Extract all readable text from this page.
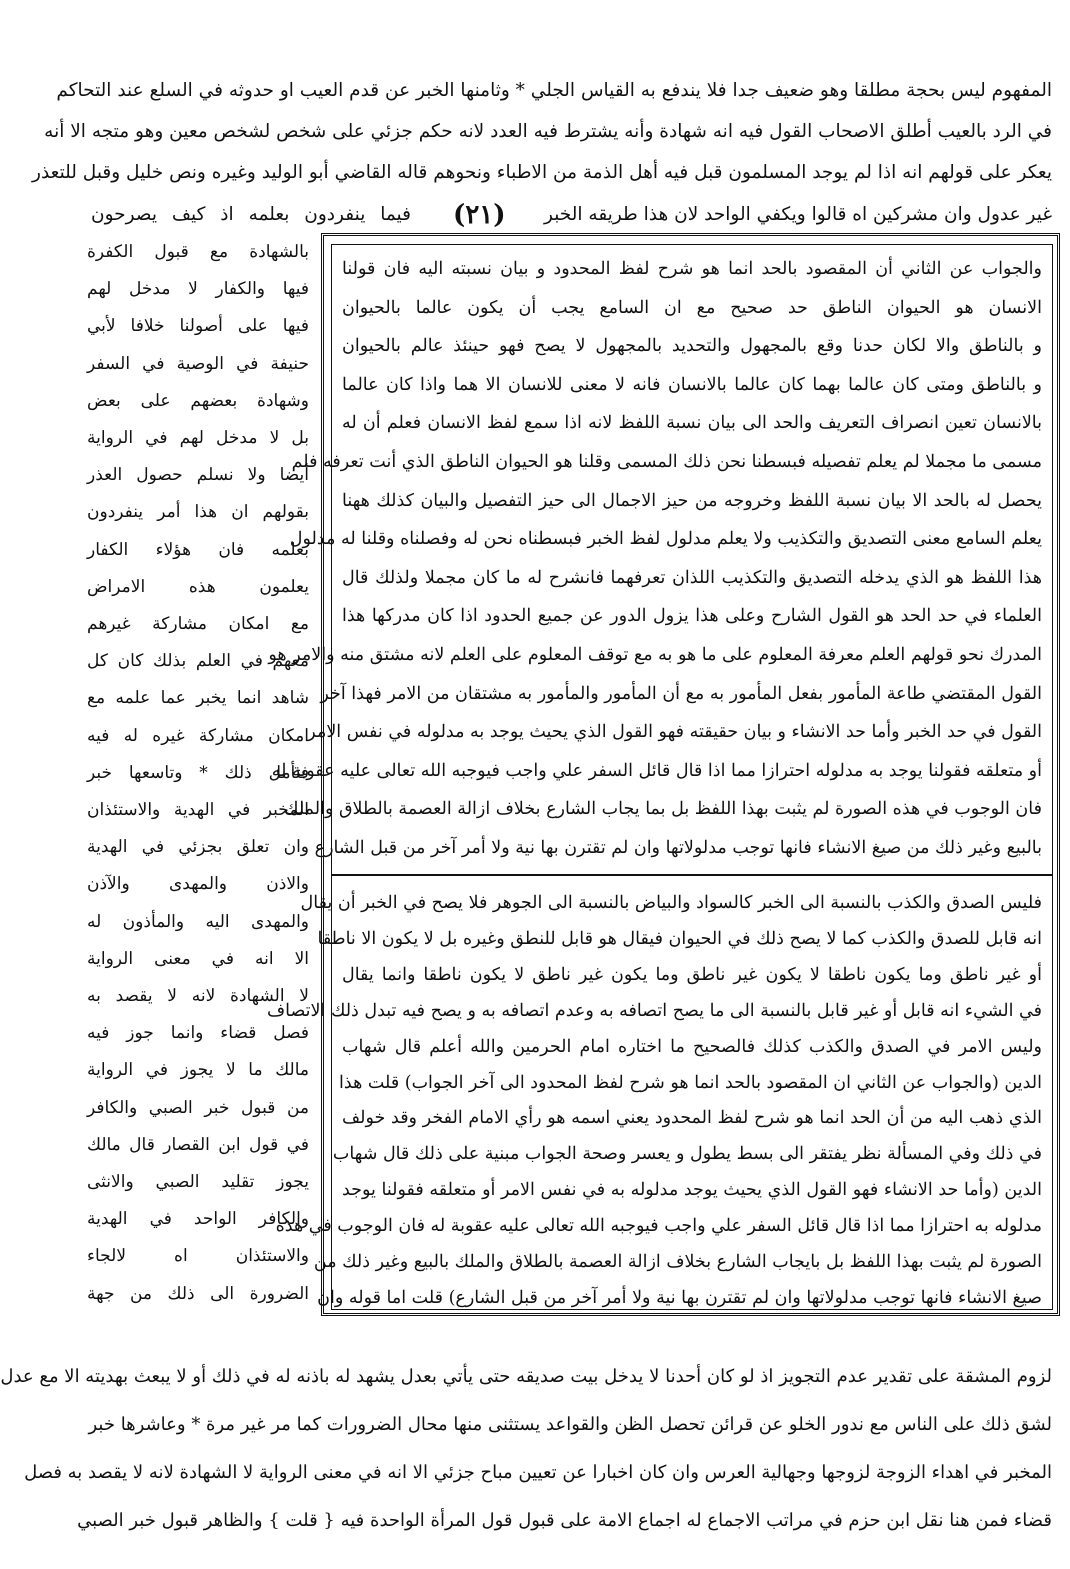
المفهوم ليس بحجة مطلقا وهو ضعيف جدا فلا يندفع به القياس الجلي * وثامنها الخبر عن قدم العيب او حدوثه في السلع عند التحاكم
في الرد بالعيب أطلق الاصحاب القول فيه انه شهادة وأنه يشترط فيه العدد لانه حكم جزئي على شخص لشخص معين وهو متجه الا أنه
يعكر على قولهم انه اذا لم يوجد المسلمون قبل فيه أهل الذمة من الاطباء ونحوهم قاله القاضي أبو الوليد وغيره ونص خليل وقبل للتعذر
غير عدول وان مشركين اه قالوا ويكفي الواحد لان هذا طريقه الخبر
(٢١)
فيما ينفردون بعلمه اذ كيف يصرحون
بالشهادة مع قبول الكفرة
فيها والكفار لا مدخل لهم
فيها على أصولنا خلافا لأبي
حنيفة في الوصية في السفر
وشهادة بعضهم على بعض
بل لا مدخل لهم في الرواية
أيضا ولا نسلم حصول العذر
بقولهم ان هذا أمر ينفردون
بعلمه فان هؤلاء الكفار
يعلمون هذه الامراض
مع امكان مشاركة غيرهم
معهم في العلم بذلك كان كل
شاهد انما يخبر عما علمه مع
امكان مشاركة غيره له فيه
فتأمل ذلك * وتاسعها خبر
المخبر في الهدية والاستئذان
وان تعلق بجزئي في الهدية
والاذن والمهدى والآذن
والمهدى اليه والمأذون له
الا انه في معنى الرواية
لا الشهادة لانه لا يقصد به
فصل قضاء وانما جوز فيه
مالك ما لا يجوز في الرواية
من قبول خبر الصبي والكافر
في قول ابن القصار قال مالك
يجوز تقليد الصبي والانثى
والكافر الواحد في الهدية
والاستئذان اه لالجاء
الضرورة الى ذلك من جهة
والجواب عن الثاني أن المقصود بالحد انما هو شرح لفظ المحدود و بيان نسبته اليه فان قولنا
الانسان هو الحيوان الناطق حد صحيح مع ان السامع يجب أن يكون عالما بالحيوان
و بالناطق والا لكان حدنا وقع بالمجهول والتحديد بالمجهول لا يصح فهو حينئذ عالم بالحيوان
و بالناطق ومتى كان عالما بهما كان عالما بالانسان فانه لا معنى للانسان الا هما واذا كان عالما
بالانسان تعين انصراف التعريف والحد الى بيان نسبة اللفظ لانه اذا سمع لفظ الانسان فعلم أن له
مسمى ما مجملا لم يعلم تفصيله فبسطنا نحن ذلك المسمى وقلنا هو الحيوان الناطق الذي أنت تعرفه فلم
يحصل له بالحد الا بيان نسبة اللفظ وخروجه من حيز الاجمال الى حيز التفصيل والبيان كذلك ههنا
يعلم السامع معنى التصديق والتكذيب ولا يعلم مدلول لفظ الخبر فبسطناه نحن له وفصلناه وقلنا له مدلول
هذا اللفظ هو الذي يدخله التصديق والتكذيب اللذان تعرفهما فانشرح له ما كان مجملا ولذلك قال
العلماء في حد الحد هو القول الشارح وعلى هذا يزول الدور عن جميع الحدود اذا كان مدركها هذا
المدرك نحو قولهم العلم معرفة المعلوم على ما هو به مع توقف المعلوم على العلم لانه مشتق منه والامر هو
القول المقتضي طاعة المأمور بفعل المأمور به مع أن المأمور والمأمور به مشتقان من الامر فهذا آخر
القول في حد الخبر وأما حد الانشاء و بيان حقيقته فهو القول الذي يحيث يوجد به مدلوله في نفس الامر
أو متعلقه فقولنا يوجد به مدلوله احترازا مما اذا قال قائل السفر علي واجب فيوجبه الله تعالى عليه عقوبة له
فان الوجوب في هذه الصورة لم يثبت بهذا اللفظ بل بما يجاب الشارع بخلاف ازالة العصمة بالطلاق والملك
بالبيع وغير ذلك من صيغ الانشاء فانها توجب مدلولاتها وان لم تقترن بها نية ولا أمر آخر من قبل الشارع
فليس الصدق والكذب بالنسبة الى الخبر كالسواد والبياض بالنسبة الى الجوهر فلا يصح في الخبر أن يقال
انه قابل للصدق والكذب كما لا يصح ذلك في الحيوان فيقال هو قابل للنطق وغيره بل لا يكون الا ناطقا
أو غير ناطق وما يكون ناطقا لا يكون غير ناطق وما يكون غير ناطق لا يكون ناطقا وانما يقال
في الشيء انه قابل أو غير قابل بالنسبة الى ما يصح اتصافه به وعدم اتصافه به و يصح فيه تبدل ذلك الاتصاف
وليس الامر في الصدق والكذب كذلك فالصحيح ما اختاره امام الحرمين والله أعلم قال شهاب
الدين (والجواب عن الثاني ان المقصود بالحد انما هو شرح لفظ المحدود الى آخر الجواب) قلت هذا
الذي ذهب اليه من أن الحد انما هو شرح لفظ المحدود يعني اسمه هو رأي الامام الفخر وقد خولف
في ذلك وفي المسألة نظر يفتقر الى بسط يطول و يعسر وصحة الجواب مبنية على ذلك قال شهاب
الدين (وأما حد الانشاء فهو القول الذي يحيث يوجد مدلوله به في نفس الامر أو متعلقه فقولنا يوجد
مدلوله به احترازا مما اذا قال قائل السفر علي واجب فيوجبه الله تعالى عليه عقوبة له فان الوجوب في هذه
الصورة لم يثبت بهذا اللفظ بل بايجاب الشارع بخلاف ازالة العصمة بالطلاق والملك بالبيع وغير ذلك من
صيغ الانشاء فانها توجب مدلولاتها وان لم تقترن بها نية ولا أمر آخر من قبل الشارع) قلت اما قوله وان
لزوم المشقة على تقدير عدم التجويز اذ لو كان أحدنا لا يدخل بيت صديقه حتى يأتي بعدل يشهد له باذنه له في ذلك أو لا يبعث بهديته الا مع عدل
لشق ذلك على الناس مع ندور الخلو عن قرائن تحصل الظن والقواعد يستثنى منها محال الضرورات كما مر غير مرة * وعاشرها خبر
المخبر في اهداء الزوجة لزوجها وجهالية العرس وان كان اخبارا عن تعيين مباح جزئي الا انه في معنى الرواية لا الشهادة لانه لا يقصد به فصل
قضاء فمن هنا نقل ابن حزم في مراتب الاجماع له اجماع الامة على قبول قول المرأة الواحدة فيه { قلت } والظاهر قبول خبر الصبي
